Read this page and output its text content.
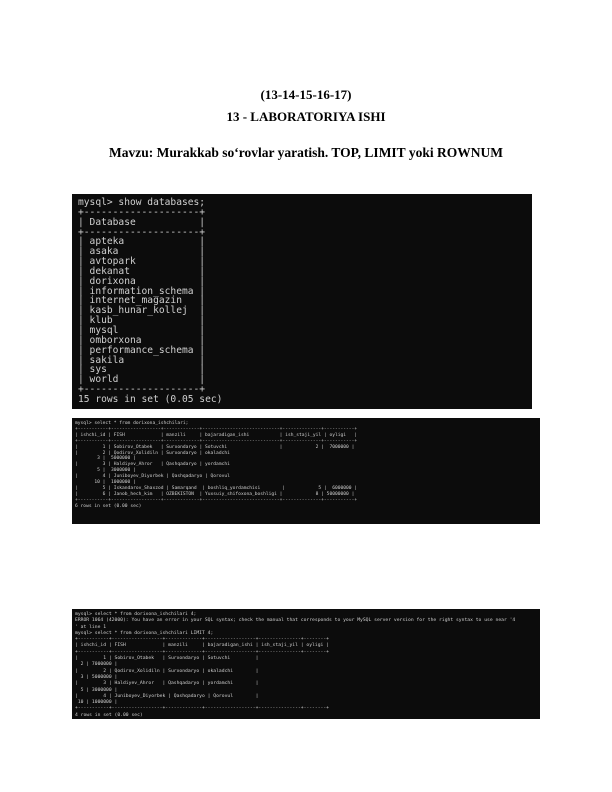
(13-14-15-16-17)
13 - LABORATORIYA ISHI
Mavzu: Murakkab so‘rovlar yaratish. TOP, LIMIT yoki ROWNUM
mysql> show databases;
+--------------------+
| Database           |
+--------------------+
| apteka             |
| asaka              |
| avtopark           |
| dekanat            |
| dorixona           |
| information_schema |
| internet_magazin   |
| kasb_hunar_kollej  |
| klub               |
| mysql              |
| omborxona          |
| performance_schema |
| sakila             |
| sys                |
| world              |
+--------------------+
15 rows in set (0.05 sec)
mysql> select * from dorixona_ishchilari;
+-----------+------------------+-------------+----------------------------+--------------+-----------+
| ishchi_id | FISH             | manzili     | bajaradigan_ishi           | ish_staji_yil | oyligi   |
+-----------+------------------+-------------+----------------------------+--------------+-----------+
|         1 | Sobirov_Otabek   | Surxondaryo | Sotuvchi                   |            2 |  7000000 |
|         2 | Qodirov_Xolidiln | Surxondaryo | okaladchi
3 |  5000000 |
|         3 | Haldiyev_Ahror   | Qashqadaryo | yordamchi
5 |  3000000 |
|         4 | Juniboyev_Diyorbek | Qashqadaryo | Qorovul
10 |  1000000 |
|         5 | Iskandarov_Shaxzod | Samarqand  | boshliq_yordamchisi        |            5 |  6000000 |
|         6 | Janob_hech_kim   | OZBEKISTON  | Yuxsuiy_shifoxona_boshligi |            8 | 50000000 |
+-----------+------------------+-------------+----------------------------+--------------+-----------+
6 rows in set (0.00 sec)
mysql> select * from dorixona_ishchilari 4;
ERROR 1064 (42000): You have an error in your SQL syntax; check the manual that corresponds to your MySQL server version for the right syntax to use near '4
' at line 1
mysql> select * from dorixona_ishchilari LIMIT 4;
+-----------+------------------+-------------+------------------+---------------+--------+
| ishchi_id | FISH             | manzili     | bajaradigan_ishi | ish_staji_yil | oyligi |
+-----------+------------------+-------------+------------------+---------------+--------+
|         1 | Sobirov_Otabek   | Surxondaryo | Sotuvchi         |
2 | 7000000 |
|         2 | Qodirov_Xolidiln | Surxondaryo | okaladchi        |
3 | 5000000 |
|         3 | Haldiyev_Ahror   | Qashqadaryo | yordamchi        |
5 | 3000000 |
|         4 | Juniboyev_Diyorbek | Qashqadaryo | Qorovul        |
10 | 1000000 |
+-----------+------------------+-------------+------------------+---------------+--------+
4 rows in set (0.00 sec)
